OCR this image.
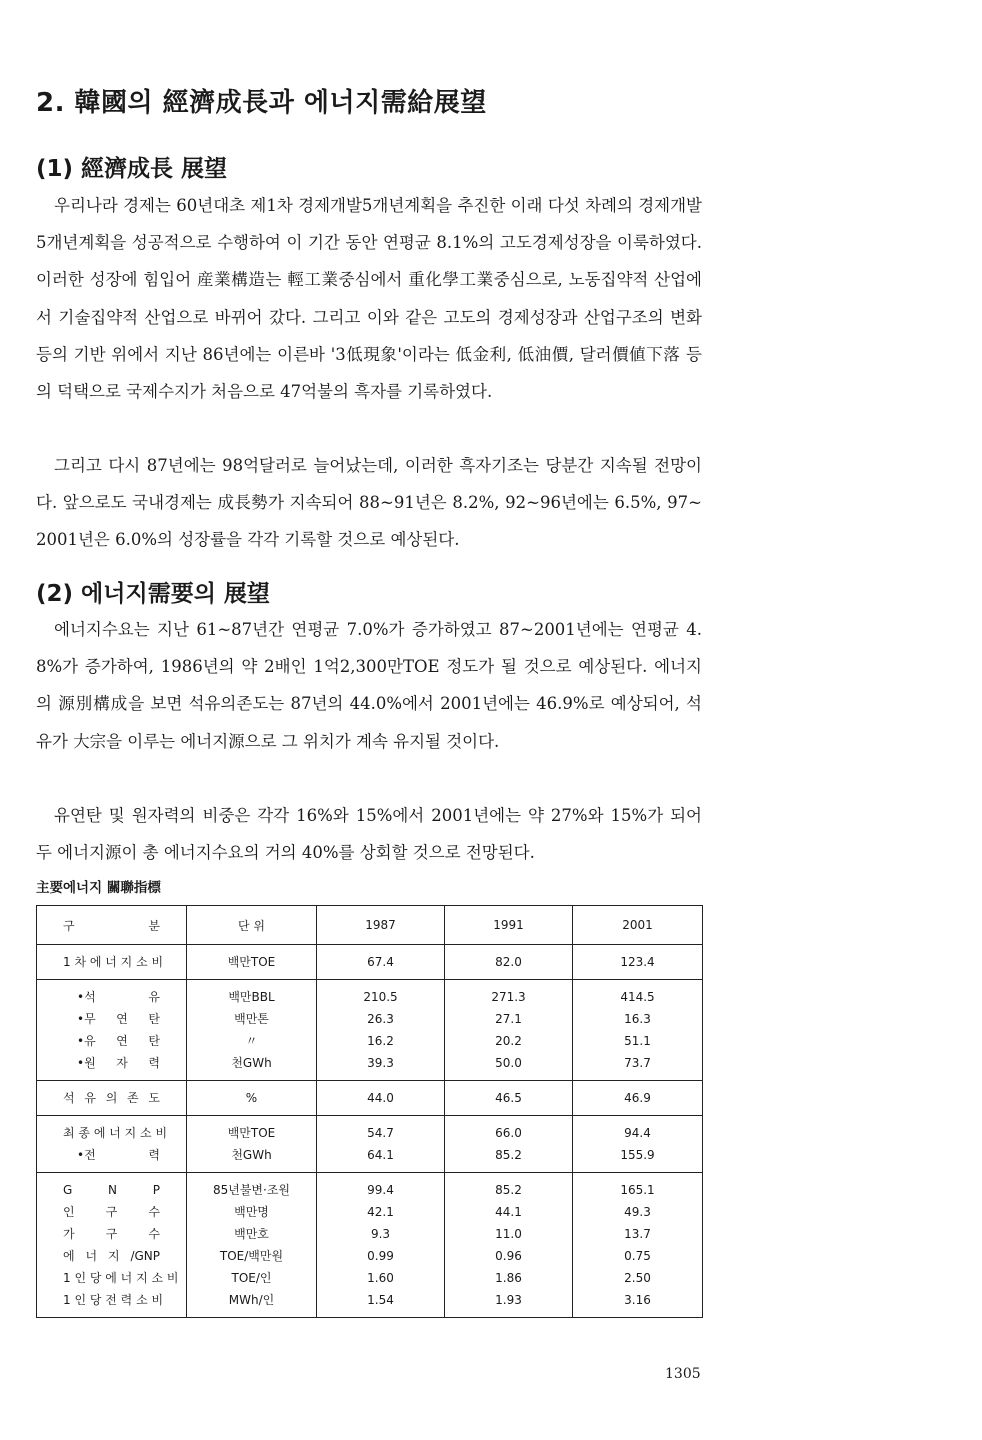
2. 韓國의 經濟成長과 에너지需給展望
(1) 經濟成長 展望

우리나라 경제는 60년대초 제1차 경제개발5개년계획을 추진한 이래 다섯 차례의 경제개발5개년계획을 성공적으로 수행하여 이 기간 동안 연평균 8.1%의 고도경제성장을 이룩하였다. 이러한 성장에 힘입어 産業構造는 輕工業중심에서 重化學工業중심으로, 노동집약적 산업에서 기술집약적 산업으로 바뀌어 갔다. 그리고 이와 같은 고도의 경제성장과 산업구조의 변화 등의 기반 위에서 지난 86년에는 이른바 '3低現象'이라는 低金利, 低油價, 달러價値下落 등의 덕택으로 국제수지가 처음으로 47억불의 흑자를 기록하였다.

그리고 다시 87년에는 98억달러로 늘어났는데, 이러한 흑자기조는 당분간 지속될 전망이다. 앞으로도 국내경제는 成長勢가 지속되어 88~91년은 8.2%, 92~96년에는 6.5%, 97~2001년은 6.0%의 성장률을 각각 기록할 것으로 예상된다.

(2) 에너지需要의 展望

에너지수요는 지난 61~87년간 연평균 7.0%가 증가하였고 87~2001년에는 연평균 4.8%가 증가하여, 1986년의 약 2배인 1억2,300만TOE 정도가 될 것으로 예상된다. 에너지의 源別構成을 보면 석유의존도는 87년의 44.0%에서 2001년에는 46.9%로 예상되어, 석유가 大宗을 이루는 에너지源으로 그 위치가 계속 유지될 것이다.

유연탄 및 원자력의 비중은 각각 16%와 15%에서 2001년에는 약 27%와 15%가 되어 두 에너지源이 총 에너지수요의 거의 40%를 상회할 것으로 전망된다.

主要에너지 關聯指標
구 분	단 위	1987	1991	2001
1 차 에 너 지 소 비	백만TOE	67.4	82.0	123.4
•석 유	백만BBL	210.5	271.3	414.5
•무 연 탄	백만톤	26.3	27.1	16.3
•유 연 탄	〃	16.2	20.2	51.1
•원 자 력	천GWh	39.3	50.0	73.7
석 유 의 존 도	%	44.0	46.5	46.9
최 종 에 너 지 소 비	백만TOE	54.7	66.0	94.4
•전 력	천GWh	64.1	85.2	155.9
G N P	85년불변·조원	99.4	85.2	165.1
인 구 수	백만명	42.1	44.1	49.3
가 구 수	백만호	9.3	11.0	13.7
에 너 지 /GNP	TOE/백만원	0.99	0.96	0.75
1 인 당 에 너 지 소 비	TOE/인	1.60	1.86	2.50
1 인 당 전 력 소 비	MWh/인	1.54	1.93	3.16
1305
